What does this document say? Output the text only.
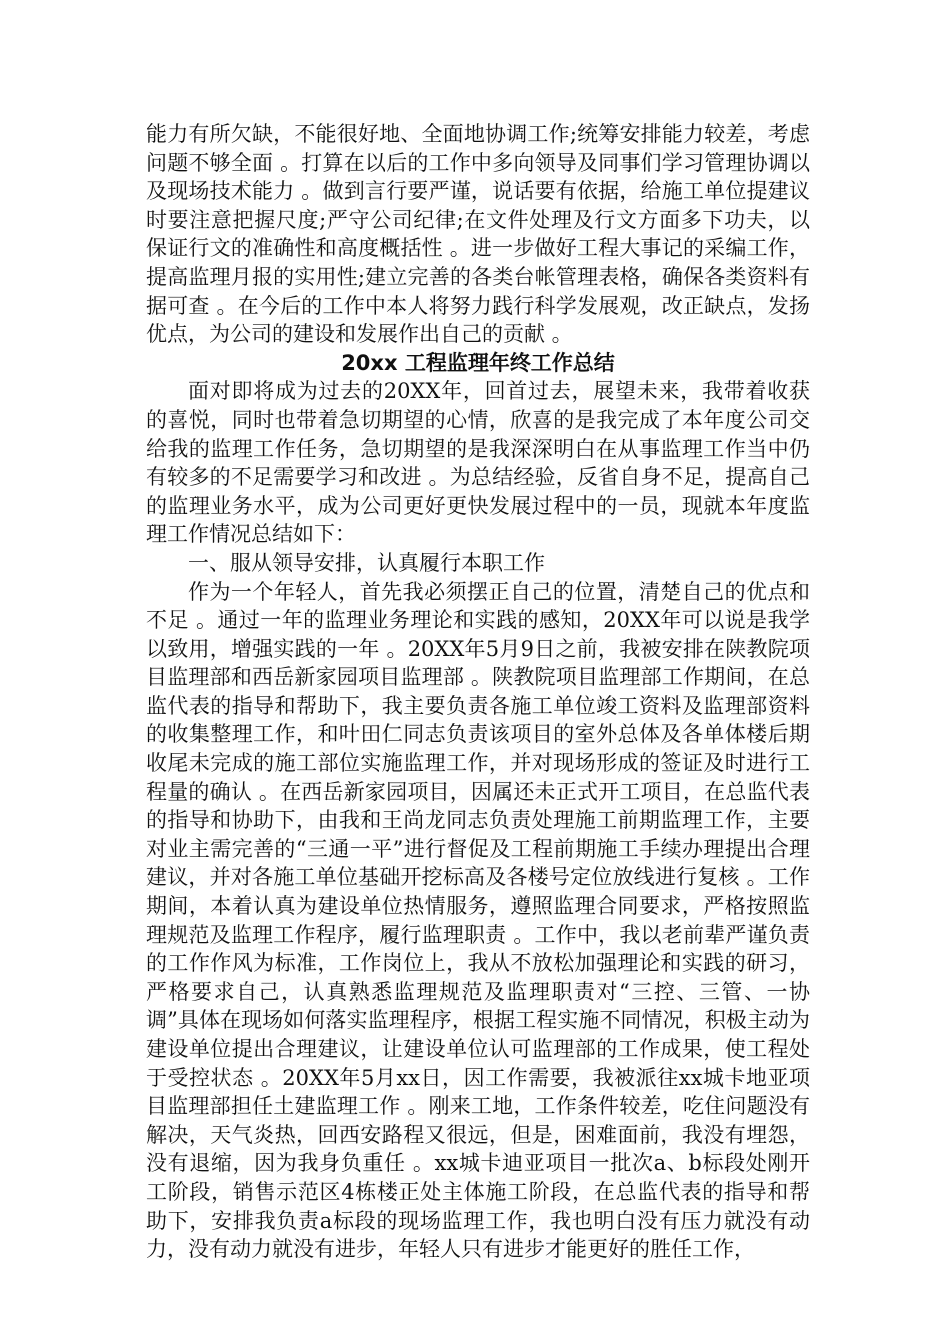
能力有所欠缺，不能很好地、全面地协调工作;统筹安排能力较差，考虑问题不够全面 。打算在以后的工作中多向领导及同事们学习管理协调以及现场技术能力 。做到言行要严谨，说话要有依据，给施工单位提建议时要注意把握尺度;严守公司纪律;在文件处理及行文方面多下功夫，以保证行文的准确性和高度概括性 。进一步做好工程大事记的采编工作，提高监理月报的实用性;建立完善的各类台帐管理表格，确保各类资料有据可查 。在今后的工作中本人将努力践行科学发展观，改正缺点，发扬优点，为公司的建设和发展作出自己的贡献 。

20xx 工程监理年终工作总结

面对即将成为过去的20XX年，回首过去，展望未来，我带着收获的喜悦，同时也带着急切期望的心情，欣喜的是我完成了本年度公司交给我的监理工作任务，急切期望的是我深深明白在从事监理工作当中仍有较多的不足需要学习和改进 。为总结经验，反省自身不足，提高自己的监理业务水平，成为公司更好更快发展过程中的一员，现就本年度监理工作情况总结如下：

一、服从领导安排，认真履行本职工作

作为一个年轻人，首先我必须摆正自己的位置，清楚自己的优点和不足 。通过一年的监理业务理论和实践的感知，20XX年可以说是我学以致用，增强实践的一年 。20XX年5月9日之前，我被安排在陕教院项目监理部和西岳新家园项目监理部 。陕教院项目监理部工作期间，在总监代表的指导和帮助下，我主要负责各施工单位竣工资料及监理部资料的收集整理工作，和叶田仁同志负责该项目的室外总体及各单体楼后期收尾未完成的施工部位实施监理工作，并对现场形成的签证及时进行工程量的确认 。在西岳新家园项目，因属还未正式开工项目，在总监代表的指导和协助下，由我和王尚龙同志负责处理施工前期监理工作，主要对业主需完善的“三通一平”进行督促及工程前期施工手续办理提出合理建议，并对各施工单位基础开挖标高及各楼号定位放线进行复核 。工作期间，本着认真为建设单位热情服务，遵照监理合同要求，严格按照监理规范及监理工作程序，履行监理职责 。工作中，我以老前辈严谨负责的工作作风为标准，工作岗位上，我从不放松加强理论和实践的研习，严格要求自己，认真熟悉监理规范及监理职责对“三控、三管、一协调”具体在现场如何落实监理程序，根据工程实施不同情况，积极主动为建设单位提出合理建议，让建设单位认可监理部的工作成果，使工程处于受控状态 。20XX年5月xx日，因工作需要，我被派往xx城卡地亚项目监理部担任土建监理工作 。刚来工地，工作条件较差，吃住问题没有解决，天气炎热，回西安路程又很远，但是，困难面前，我没有埋怨，没有退缩，因为我身负重任 。xx城卡迪亚项目一批次a、b标段处刚开工阶段，销售示范区4栋楼正处主体施工阶段，在总监代表的指导和帮助下，安排我负责a标段的现场监理工作，我也明白没有压力就没有动力，没有动力就没有进步，年轻人只有进步才能更好的胜任工作，
